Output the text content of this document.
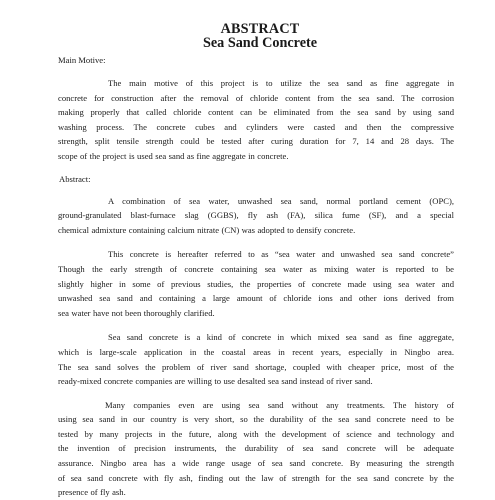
ABSTRACT
Sea Sand Concrete

Main Motive:

The main motive of this project is to utilize the sea sand as fine aggregate in
concrete for construction after the removal of chloride content from the sea sand. The corrosion
making properly that called chloride content can be eliminated from the sea sand by using sand
washing process. The concrete cubes and cylinders were casted and then the compressive
strength, split tensile strength could be tested after curing duration for 7, 14 and 28 days. The
scope of the project is used sea sand as fine aggregate in concrete.

Abstract:

A combination of sea water, unwashed sea sand, normal portland cement (OPC),
ground-granulated blast-furnace slag (GGBS), fly ash (FA), silica fume (SF), and a special
chemical admixture containing calcium nitrate (CN) was adopted to densify concrete.
This concrete is hereafter referred to as “sea water and unwashed sea sand concrete”
Though the early strength of concrete containing sea water as mixing water is reported to be
slightly higher in some of previous studies, the properties of concrete made using sea water and
unwashed sea sand and containing a large amount of chloride ions and other ions derived from
sea water have not been thoroughly clarified.
Sea sand concrete is a kind of concrete in which mixed sea sand as fine aggregate,
which is large-scale application in the coastal areas in recent years, especially in Ningbo area.
The sea sand solves the problem of river sand shortage, coupled with cheaper price, most of the
ready-mixed concrete companies are willing to use desalted sea sand instead of river sand.
Many companies even are using sea sand without any treatments. The history of
using sea sand in our country is very short, so the durability of the sea sand concrete need to be
tested by many projects in the future, along with the development of science and technology and
the invention of precision instruments, the durability of sea sand concrete will be adequate
assurance. Ningbo area has a wide range usage of sea sand concrete. By measuring the strength
of sea sand concrete with fly ash, finding out the law of strength for the sea sand concrete by the
presence of fly ash.
